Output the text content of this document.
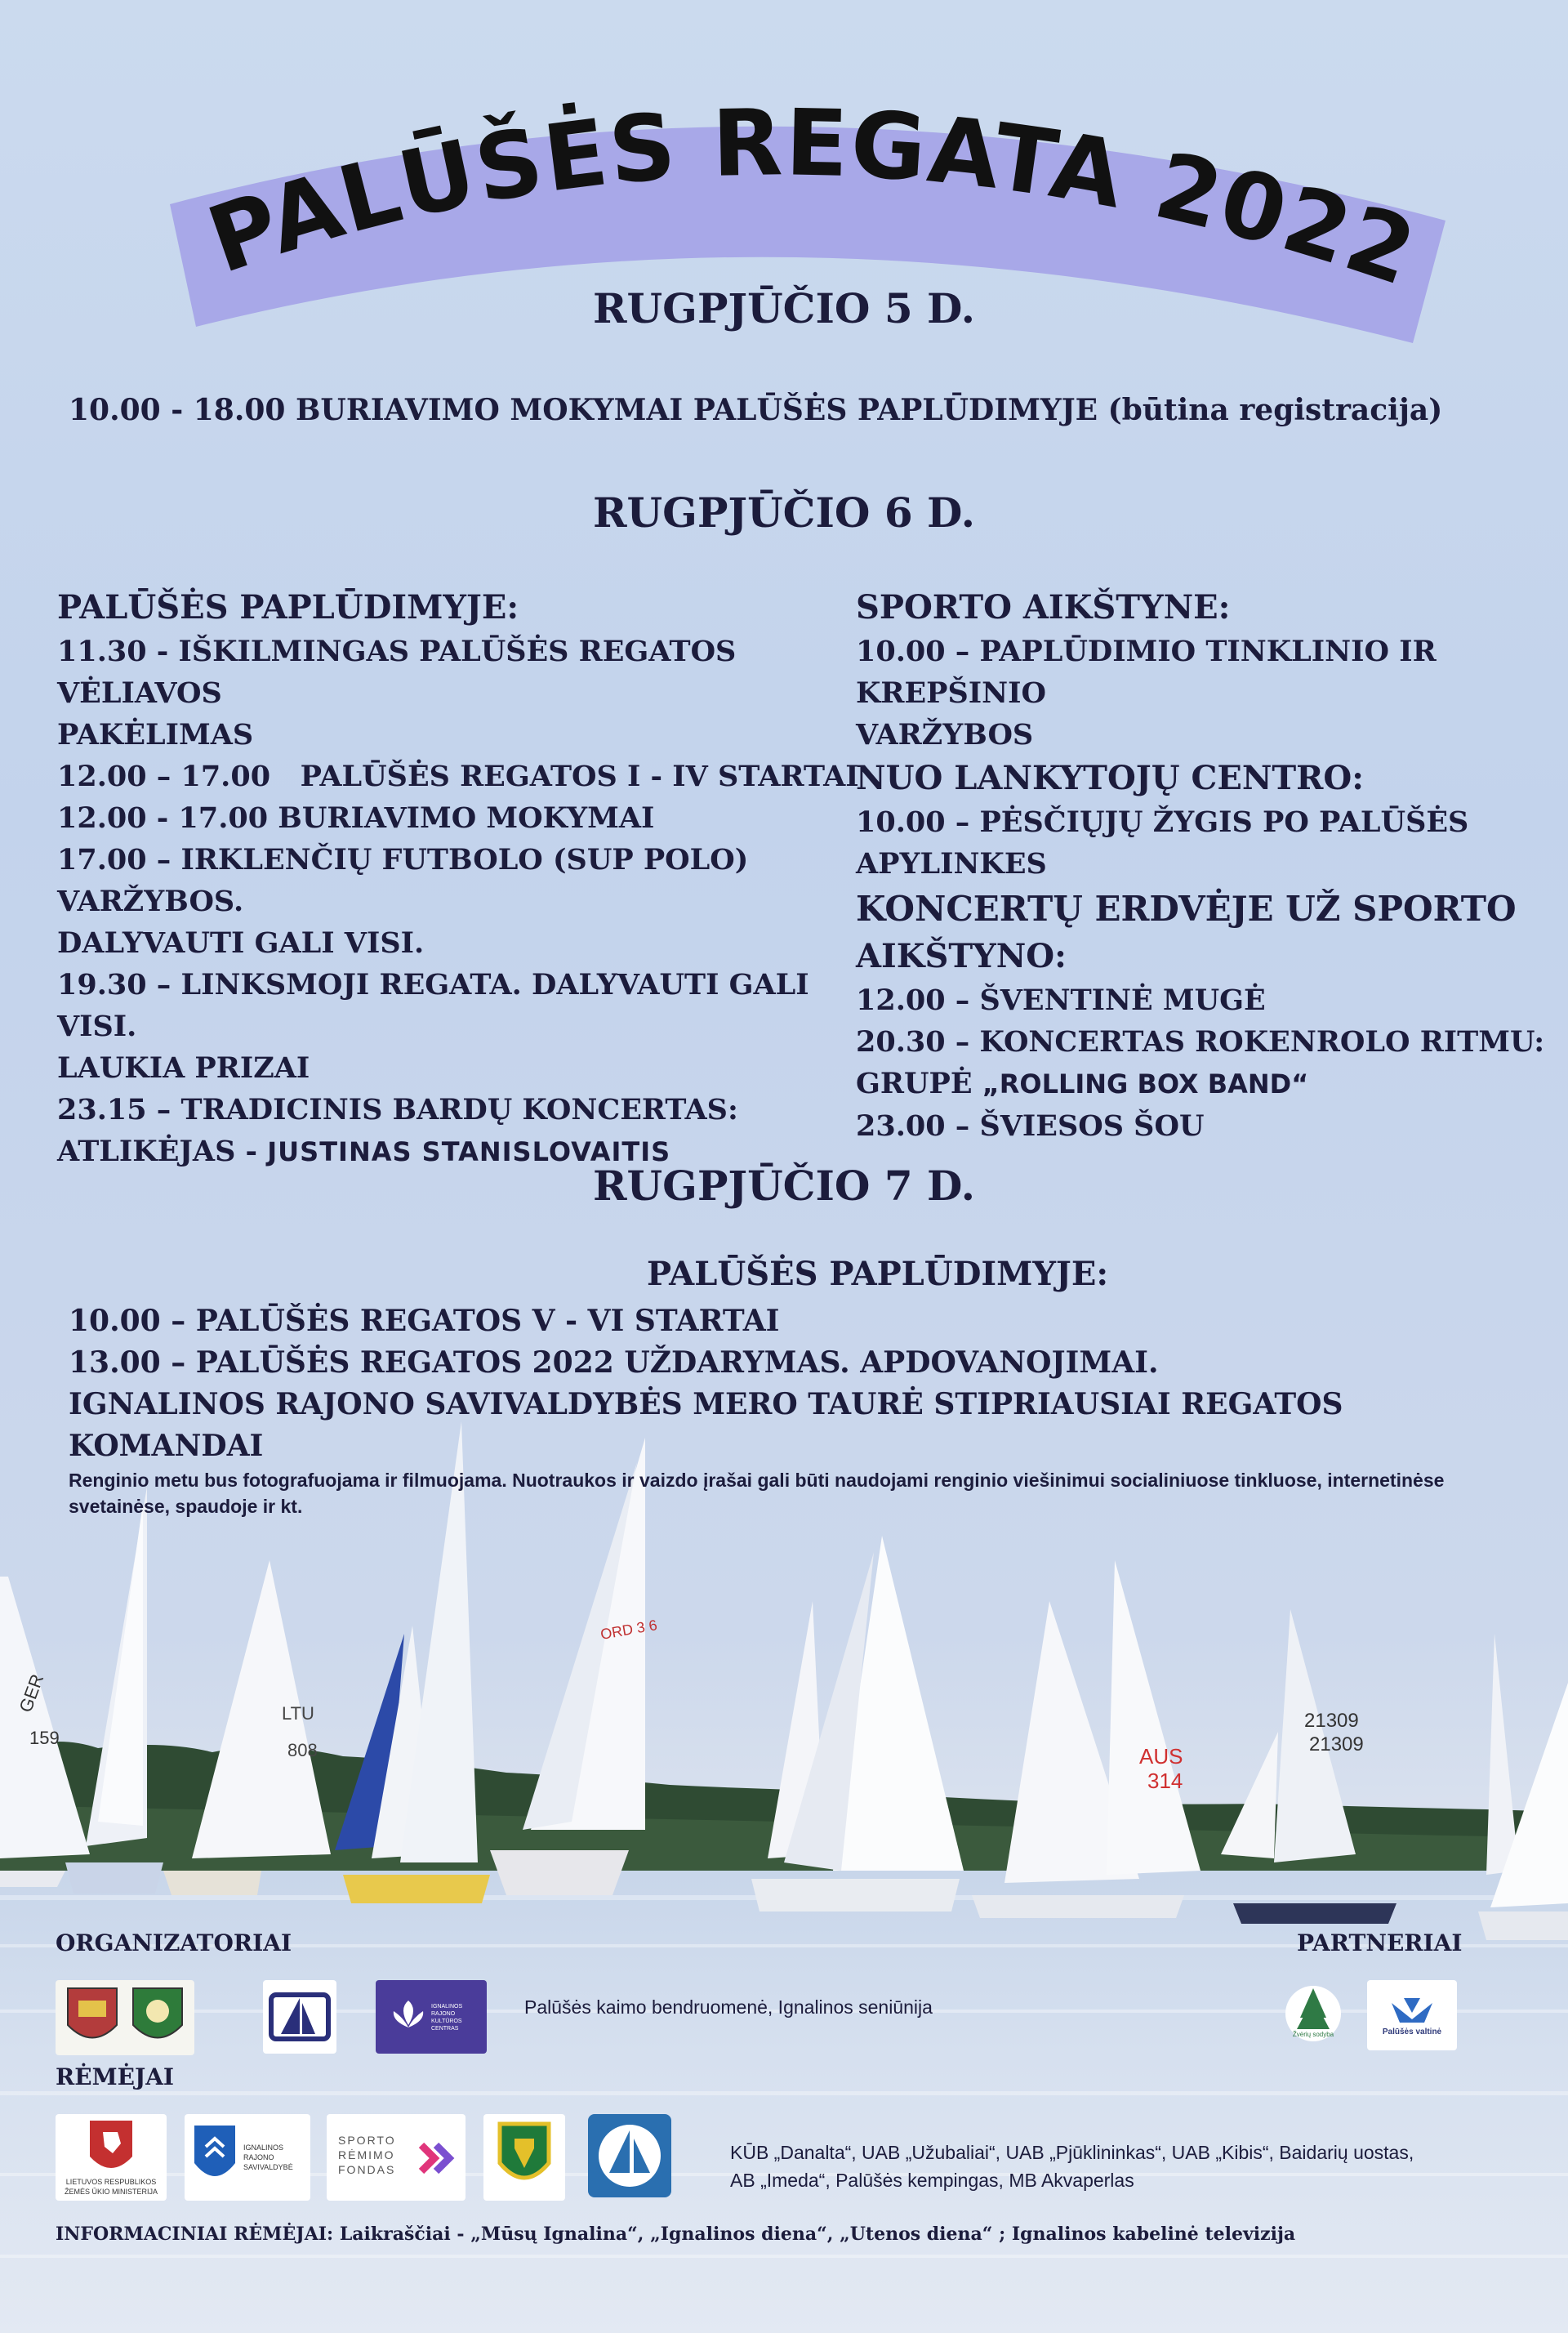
GER
159
LTU
808
ORD 3 6
AUS
314
21309
21309
PALŪŠĖS REGATA 2022
RUGPJŪČIO 5 D.
10.00 - 18.00 BURIAVIMO MOKYMAI PALŪŠĖS PAPLŪDIMYJE (būtina registracija)
RUGPJŪČIO 6 D.
PALŪŠĖS PAPLŪDIMYJE:
11.30 - IŠKILMINGAS PALŪŠĖS REGATOS VĖLIAVOS
PAKĖLIMAS
12.00 – 17.00   PALŪŠĖS REGATOS I - IV STARTAI
12.00 - 17.00 BURIAVIMO MOKYMAI
17.00 – IRKLENČIŲ FUTBOLO (SUP POLO) VARŽYBOS.
DALYVAUTI GALI VISI.
19.30 – LINKSMOJI REGATA. DALYVAUTI GALI VISI.
LAUKIA PRIZAI
23.15 – TRADICINIS BARDŲ KONCERTAS:
ATLIKĖJAS - JUSTINAS STANISLOVAITIS
SPORTO AIKŠTYNE:
10.00 – PAPLŪDIMIO TINKLINIO IR KREPŠINIO
VARŽYBOS
NUO LANKYTOJŲ CENTRO:
10.00 – PĖSČIŲJŲ ŽYGIS PO PALŪŠĖS APYLINKES
KONCERTŲ ERDVĖJE UŽ SPORTO
AIKŠTYNO:
12.00 – ŠVENTINĖ MUGĖ
20.30 – KONCERTAS ROKENROLO RITMU:
GRUPĖ „ROLLING BOX BAND“
23.00 – ŠVIESOS ŠOU
RUGPJŪČIO 7 D.
PALŪŠĖS PAPLŪDIMYJE:
10.00 – PALŪŠĖS REGATOS V - VI STARTAI
13.00 – PALŪŠĖS REGATOS 2022 UŽDARYMAS. APDOVANOJIMAI.
IGNALINOS RAJONO SAVIVALDYBĖS MERO TAURĖ STIPRIAUSIAI REGATOS KOMANDAI
Renginio metu bus fotografuojama ir filmuojama. Nuotraukos ir vaizdo įrašai gali būti naudojami renginio viešinimui socialiniuose tinkluose, internetinėse
svetainėse, spaudoje ir kt.
ORGANIZATORIAI
IGNALINOS RAJONO KULTŪROS CENTRAS
Palūšės kaimo bendruomenė, Ignalinos seniūnija
PARTNERIAI
Žvėrių sodyba	Palūšės valtinė
RĖMĖJAI
LIETUVOS RESPUBLIKOS
ŽEMĖS ŪKIO MINISTERIJA
IGNALINOS
RAJONO
SAVIVALDYBĖ
SPORTO
RĖMIMO
FONDAS
KŪB „Danalta“, UAB „Užubaliai“, UAB „Pjūklininkas“, UAB „Kibis“, Baidarių uostas,
AB „Imeda“, Palūšės kempingas, MB Akvaperlas
INFORMACINIAI RĖMĖJAI: Laikraščiai - „Mūsų Ignalina“, „Ignalinos diena“, „Utenos diena“ ; Ignalinos kabelinė televizija
